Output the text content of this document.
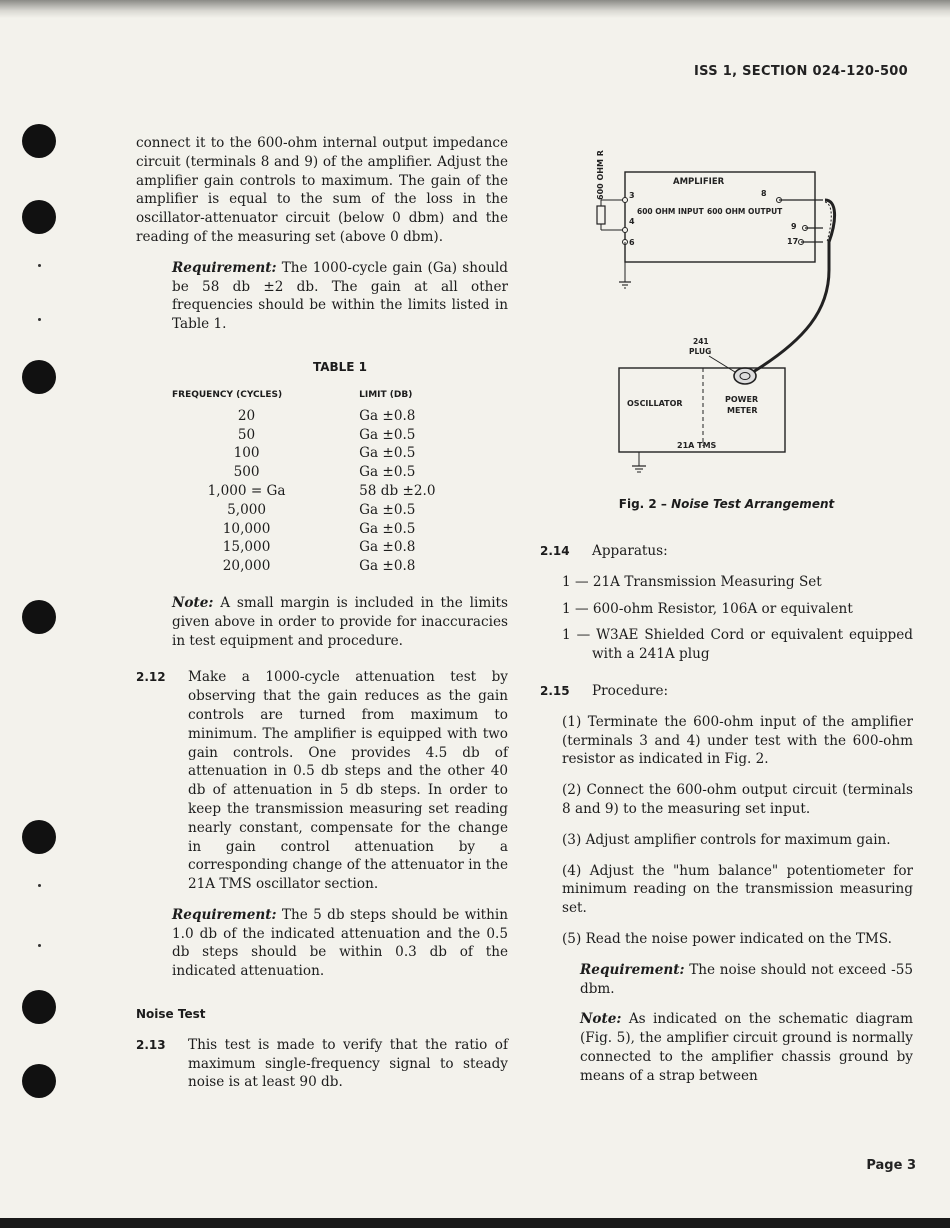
ISS 1, SECTION 024-120-500

connect it to the 600-ohm internal output impedance circuit (terminals 8 and 9) of the amplifier. Adjust the amplifier gain controls to maximum. The gain of the amplifier is equal to the sum of the loss in the oscillator-attenuator circuit (below 0 dbm) and the reading of the measuring set (above 0 dbm).

Requirement: The 1000-cycle gain (Ga) should be 58 db ±2 db. The gain at all other frequencies should be within the limits listed in Table 1.

TABLE 1
FREQUENCY (CYCLES)	LIMIT (DB)
20	Ga ±0.8
50	Ga ±0.5
100	Ga ±0.5
500	Ga ±0.5
1,000 = Ga	58 db ±2.0
5,000	Ga ±0.5
10,000	Ga ±0.5
15,000	Ga ±0.8
20,000	Ga ±0.8

Note: A small margin is included in the limits given above in order to provide for inaccuracies in test equipment and procedure.

2.12 Make a 1000-cycle attenuation test by observing that the gain reduces as the gain controls are turned from maximum to minimum. The amplifier is equipped with two gain controls. One provides 4.5 db of attenuation in 0.5 db steps and the other 40 db of attenuation in 5 db steps. In order to keep the transmission measuring set reading nearly constant, compensate for the change in gain control attenuation by a corresponding change of the attenuator in the 21A TMS oscillator section.

Requirement: The 5 db steps should be within 1.0 db of the indicated attenuation and the 0.5 db steps should be within 0.3 db of the indicated attenuation.

Noise Test

2.13 This test is made to verify that the ratio of maximum single-frequency signal to steady noise is at least 90 db.

600 OHM RESISTOR	AMPLIFIER
3
4
6
600 OHM INPUT 600 OHM OUTPUT
8
9
17
241
PLUG
OSCILLATOR	POWER
METER
21A TMS
Fig. 2 – Noise Test Arrangement

2.14 Apparatus:

1 — 21A Transmission Measuring Set

1 — 600-ohm Resistor, 106A or equivalent

1 — W3AE Shielded Cord or equivalent equipped with a 241A plug

2.15 Procedure:

(1) Terminate the 600-ohm input of the amplifier (terminals 3 and 4) under test with the 600-ohm resistor as indicated in Fig. 2.

(2) Connect the 600-ohm output circuit (terminals 8 and 9) to the measuring set input.

(3) Adjust amplifier controls for maximum gain.

(4) Adjust the "hum balance" potentiometer for minimum reading on the transmission measuring set.

(5) Read the noise power indicated on the TMS.

Requirement: The noise should not exceed -55 dbm.

Note: As indicated on the schematic diagram (Fig. 5), the amplifier circuit ground is normally connected to the amplifier chassis ground by means of a strap between

Page 3
